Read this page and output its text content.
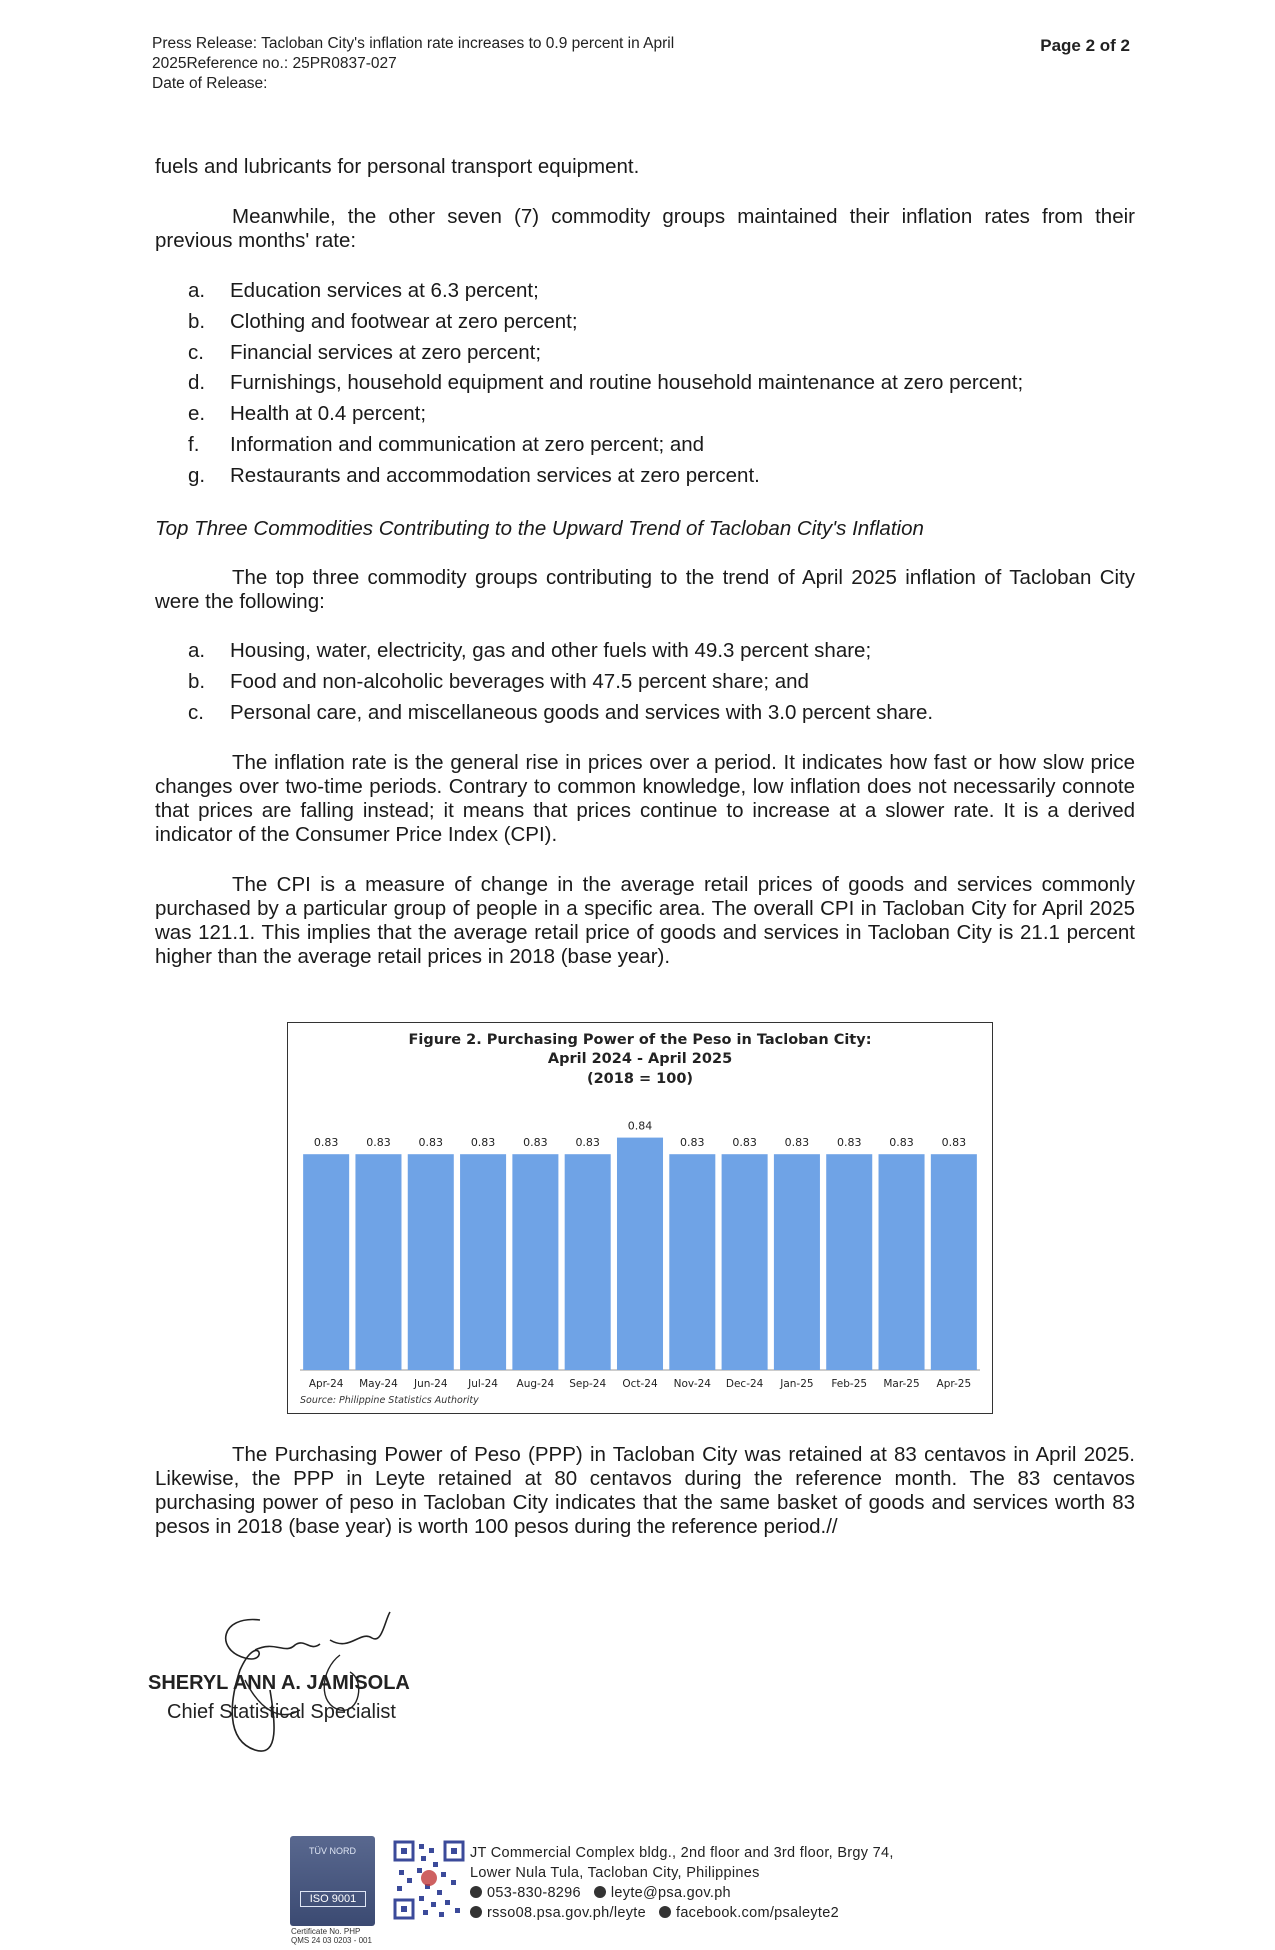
Press Release: Tacloban City's inflation rate increases to 0.9 percent in April
2025Reference no.: 25PR0837-027
Date of Release:
Page 2 of 2
fuels and lubricants for personal transport equipment.
Meanwhile, the other seven (7) commodity groups maintained their inflation rates from their previous months' rate:
a.	Education services at 6.3 percent;
b.	Clothing and footwear at zero percent;
c.	Financial services at zero percent;
d.	Furnishings, household equipment and routine household maintenance at zero percent;
e.	Health at 0.4 percent;
f.	Information and communication at zero percent; and
g.	Restaurants and accommodation services at zero percent.
Top Three Commodities Contributing to the Upward Trend of Tacloban City's Inflation
The top three commodity groups contributing to the trend of April 2025 inflation of Tacloban City were the following:
a.	Housing, water, electricity, gas and other fuels with 49.3 percent share;
b.	Food and non-alcoholic beverages with 47.5 percent share; and
c.	Personal care, and miscellaneous goods and services with 3.0 percent share.
The inflation rate is the general rise in prices over a period. It indicates how fast or how slow price changes over two-time periods. Contrary to common knowledge, low inflation does not necessarily connote that prices are falling instead; it means that prices continue to increase at a slower rate. It is a derived indicator of the Consumer Price Index (CPI).
The CPI is a measure of change in the average retail prices of goods and services commonly purchased by a particular group of people in a specific area. The overall CPI in Tacloban City for April 2025 was 121.1. This implies that the average retail price of goods and services in Tacloban City is 21.1 percent higher than the average retail prices in 2018 (base year).
Figure 2. Purchasing Power of the Peso in Tacloban City:
April 2024 - April 2025
(2018 = 100)
0.83
Apr-24
0.83
May-24
0.83
Jun-24
0.83
Jul-24
0.83
Aug-24
0.83
Sep-24
0.84
Oct-24
0.83
Nov-24
0.83
Dec-24
0.83
Jan-25
0.83
Feb-25
0.83
Mar-25
0.83
Apr-25
Source: Philippine Statistics Authority
The Purchasing Power of Peso (PPP) in Tacloban City was retained at 83 centavos in April 2025. Likewise, the PPP in Leyte retained at 80 centavos during the reference month. The 83 centavos purchasing power of peso in Tacloban City indicates that the same basket of goods and services worth 83 pesos in 2018 (base year) is worth 100 pesos during the reference period.//
SHERYL ANN A. JAMISOLA
Chief Statistical Specialist
TÜV NORD
ISO 9001
Certificate No. PHP
QMS 24 03 0203 - 001
JT Commercial Complex bldg., 2nd floor and 3rd floor, Brgy 74,
Lower Nula Tula, Tacloban City, Philippines
053-830-8296 leyte@psa.gov.ph
rsso08.psa.gov.ph/leyte facebook.com/psaleyte2
